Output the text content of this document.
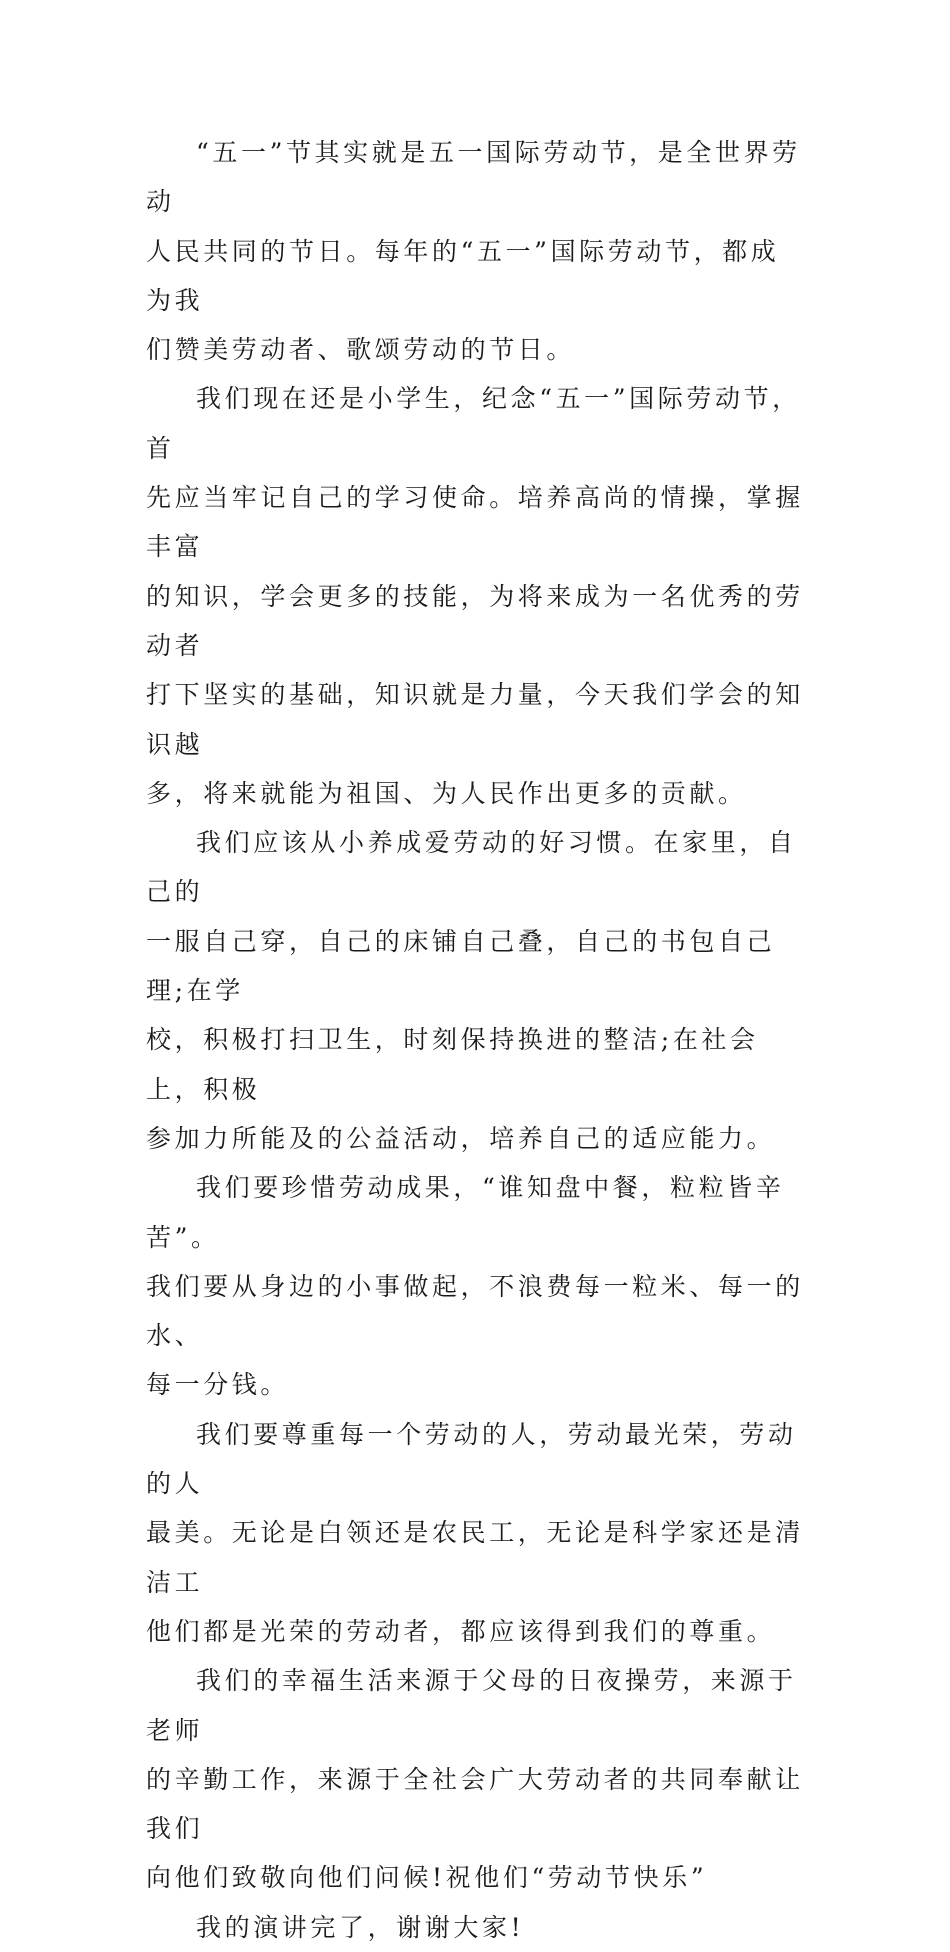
“五一”节其实就是五一国际劳动节，是全世界劳动
人民共同的节日。每年的“五一”国际劳动节，都成为我
们赞美劳动者、歌颂劳动的节日。

我们现在还是小学生，纪念“五一”国际劳动节，首
先应当牢记自己的学习使命。培养高尚的情操，掌握丰富
的知识，学会更多的技能，为将来成为一名优秀的劳动者
打下坚实的基础，知识就是力量，今天我们学会的知识越
多，将来就能为祖国、为人民作出更多的贡献。

我们应该从小养成爱劳动的好习惯。在家里，自己的
一服自己穿，自己的床铺自己叠，自己的书包自己理;在学
校，积极打扫卫生，时刻保持换进的整洁;在社会上，积极
参加力所能及的公益活动，培养自己的适应能力。

我们要珍惜劳动成果，“谁知盘中餐，粒粒皆辛苦”。
我们要从身边的小事做起，不浪费每一粒米、每一的水、
每一分钱。

我们要尊重每一个劳动的人，劳动最光荣，劳动的人
最美。无论是白领还是农民工，无论是科学家还是清洁工
他们都是光荣的劳动者，都应该得到我们的尊重。

我们的幸福生活来源于父母的日夜操劳，来源于老师
的辛勤工作，来源于全社会广大劳动者的共同奉献让我们
向他们致敬向他们问候!祝他们“劳动节快乐”

我的演讲完了，谢谢大家!
